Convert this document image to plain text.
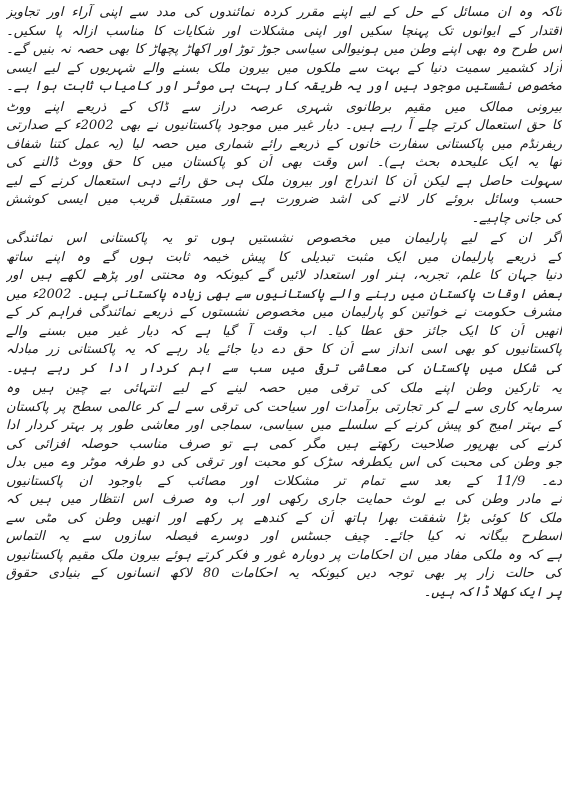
تاکہ وہ ان مسائل کے حل کے لیے اپنے مقرر کردہ نمائندوں کی مدد سے اپنی آراء اور تجاویز
اقتدار کے ایوانوں تک پہنچا سکیں اور اپنی مشکلات اور شکایات کا مناسب ازالہ پا سکیں۔
اس طرح وہ بھی اپنے وطن میں ہونیوالی سیاسی جوڑ توڑ اور اکھاڑ پچھاڑ کا بھی حصہ نہ بنیں گے۔
آزاد کشمیر سمیت دنیا کے بہت سے ملکوں میں بیرون ملک بسنے والے شہریوں کے لیے ایسی
مخصوص نشستیں موجود ہیں اور یہ طریقہ کار بہت ہی موثر اور کامیاب ثابت ہوا ہے۔
بیرونی ممالک میں مقیم برطانوی شہری عرصہ دراز سے ڈاک کے ذریعے اپنے ووٹ
کا حق استعمال کرتے چلے آ رہے ہیں۔ دیار غیر میں موجود پاکستانیوں نے بھی 2002ء کے صدارتی
ریفرنڈم میں پاکستانی سفارت خانوں کے ذریعے رائے شماری میں حصہ لیا (یہ عمل کتنا شفاف
تھا یہ ایک علیحدہ بحث ہے)۔ اس وقت بھی اُن کو پاکستان میں کا حق ووٹ ڈالنے کی
سہولت حاصل ہے لیکن اُن کا اندراج اور بیرون ملک ہی حق رائے دہی استعمال کرنے کے لیے
حسب وسائل بروئے کار لانے کی اشد ضرورت ہے اور مستقبل قریب میں ایسی کوشش
کی جانی چاہیے۔
اگر ان کے لیے پارلیمان میں مخصوص نشستیں ہوں تو یہ پاکستانی اس نمائندگی
کے ذریعے پارلیمان میں ایک مثبت تبدیلی کا پیش خیمہ ثابت ہوں گے وہ اپنے ساتھ
دنیا جہان کا علم، تجربہ، ہنر اور استعداد لائیں گے کیونکہ وہ محنتی اور پڑھے لکھے ہیں اور
بعض اوقات پاکستان میں رہنے والے پاکستانیوں سے بھی زیادہ پاکستانی ہیں۔ 2002ء میں
مشرف حکومت نے خواتین کو پارلیمان میں مخصوص نشستوں کے ذریعے نمائندگی فراہم کر کے
انھیں اُن کا ایک جائز حق عطا کیا۔ اب وقت آ گیا ہے کہ دیار غیر میں بسنے والے
پاکستانیوں کو بھی اسی انداز سے اُن کا حق دے دیا جائے یاد رہے کہ یہ پاکستانی زر مبادلہ
کی شکل میں پاکستان کی معاشی ترقی میں سب سے اہم کردار ادا کر رہے ہیں۔
یہ تارکین وطن اپنے ملک کی ترقی میں حصہ لینے کے لیے انتہائی بے چین ہیں وہ
سرمایہ کاری سے لے کر تجارتی برآمدات اور سیاحت کی ترقی سے لے کر عالمی سطح پر پاکستان
کے بہتر امیج کو پیش کرنے کے سلسلے میں سیاسی، سماجی اور معاشی طور پر بہتر کردار ادا
کرنے کی بھرپور صلاحیت رکھتے ہیں مگر کمی ہے تو صرف مناسب حوصلہ افزائی کی
جو وطن کی محبت کی اس یکطرفہ سڑک کو محبت اور ترقی کی دو طرفہ موٹر وے میں بدل
دے۔ 11/9 کے بعد سے تمام تر مشکلات اور مصائب کے باوجود ان پاکستانیوں
نے مادر وطن کی بے لوث حمایت جاری رکھی اور اب وہ صرف اس انتظار میں ہیں کہ
ملک کا کوئی بڑا شفقت بھرا ہاتھ اُن کے کندھے پر رکھے اور انھیں وطن کی مٹی سے
اسطرح بیگانہ نہ کیا جائے۔ چیف جسٹس اور دوسرے فیصلہ سازوں سے یہ التماس
ہے کہ وہ ملکی مفاد میں ان احکامات پر دوبارہ غور و فکر کرتے ہوئے بیرون ملک مقیم پاکستانیوں
کی حالت زار پر بھی توجہ دیں کیونکہ یہ احکامات 80 لاکھ انسانوں کے بنیادی حقوق
پر ایک کھلا ڈاکہ ہیں۔
